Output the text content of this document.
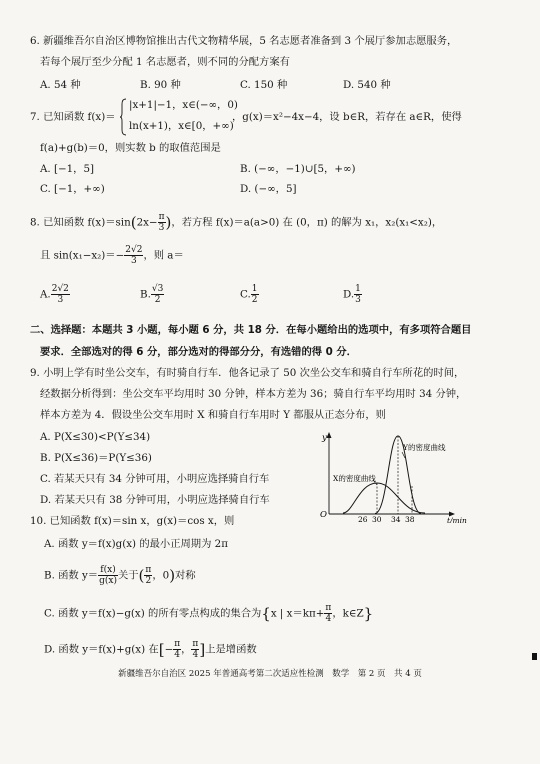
6. 新疆维吾尔自治区博物馆推出古代文物精华展，5 名志愿者准备到 3 个展厅参加志愿服务，
若每个展厅至少分配 1 名志愿者，则不同的分配方案有
A. 54 种	B. 90 种	C. 150 种	D. 540 种
7. 已知函数 f(x)＝
|x+1|−1，x∈(−∞，0)
ln(x+1)，x∈[0，+∞)
，g(x)＝x²−4x−4，设 b∈R，若存在 a∈R，使得
f(a)+g(b)＝0，则实数 b 的取值范围是
A. [−1，5]	B. (−∞，−1)∪[5，+∞)
C. [−1，+∞)	D. (−∞，5]
8. 已知函数 $f(x)=\sin(2x- \frac{\pi}{3}$ )，若方程 f(x)＝a(a>0) 在 (0，π) 的解为 x₁，x₂(x₁<x₂)，
且 $\sin(x_1-x_2)=- \frac{2√2}{3}$ ，则 a＝
A. $\frac{2√2}{3}$	B. $\frac{√3}{2}$	C. $\frac{1}{2}$	D. $\frac{1}{3}$
二、选择题：本题共 3 小题，每小题 6 分，共 18 分．在每小题给出的选项中，有多项符合题目
要求．全部选对的得 6 分，部分选对的得部分分，有选错的得 0 分．
9. 小明上学有时坐公交车，有时骑自行车．他各记录了 50 次坐公交车和骑自行车所花的时间，
经数据分析得到：坐公交车平均用时 30 分钟，样本方差为 36；骑自行车平均用时 34 分钟，
样本方差为 4．假设坐公交车用时 X 和骑自行车用时 Y 都服从正态分布，则
A. P(X≤30)<P(Y≤34)
B. P(X≤36)＝P(Y≤36)
C. 若某天只有 34 分钟可用，小明应选择骑自行车
D. 若某天只有 38 分钟可用，小明应选择骑自行车
y
Y的密度曲线
X的密度曲线
O	26 30 34 38	t/min
10. 已知函数 f(x)＝sin x，g(x)＝cos x，则
A. 函数 y＝f(x)g(x) 的最小正周期为 2π
B. 函数 $y= \frac{f(x)}{g(x)}$ 关于( $\frac{\pi}{2}$ ，0)对称
C. 函数 y＝f(x)−g(x) 的所有零点构成的集合为{x | $x=k\pi+ \frac{\pi}{4}$ ，k∈Z}
D. 函数 y＝f(x)+g(x) 在[− $\frac{\pi}{4}$ ， $\frac{\pi}{4}$ ]上是增函数
新疆维吾尔自治区 2025 年普通高考第二次适应性检测　数学　第 2 页　共 4 页
